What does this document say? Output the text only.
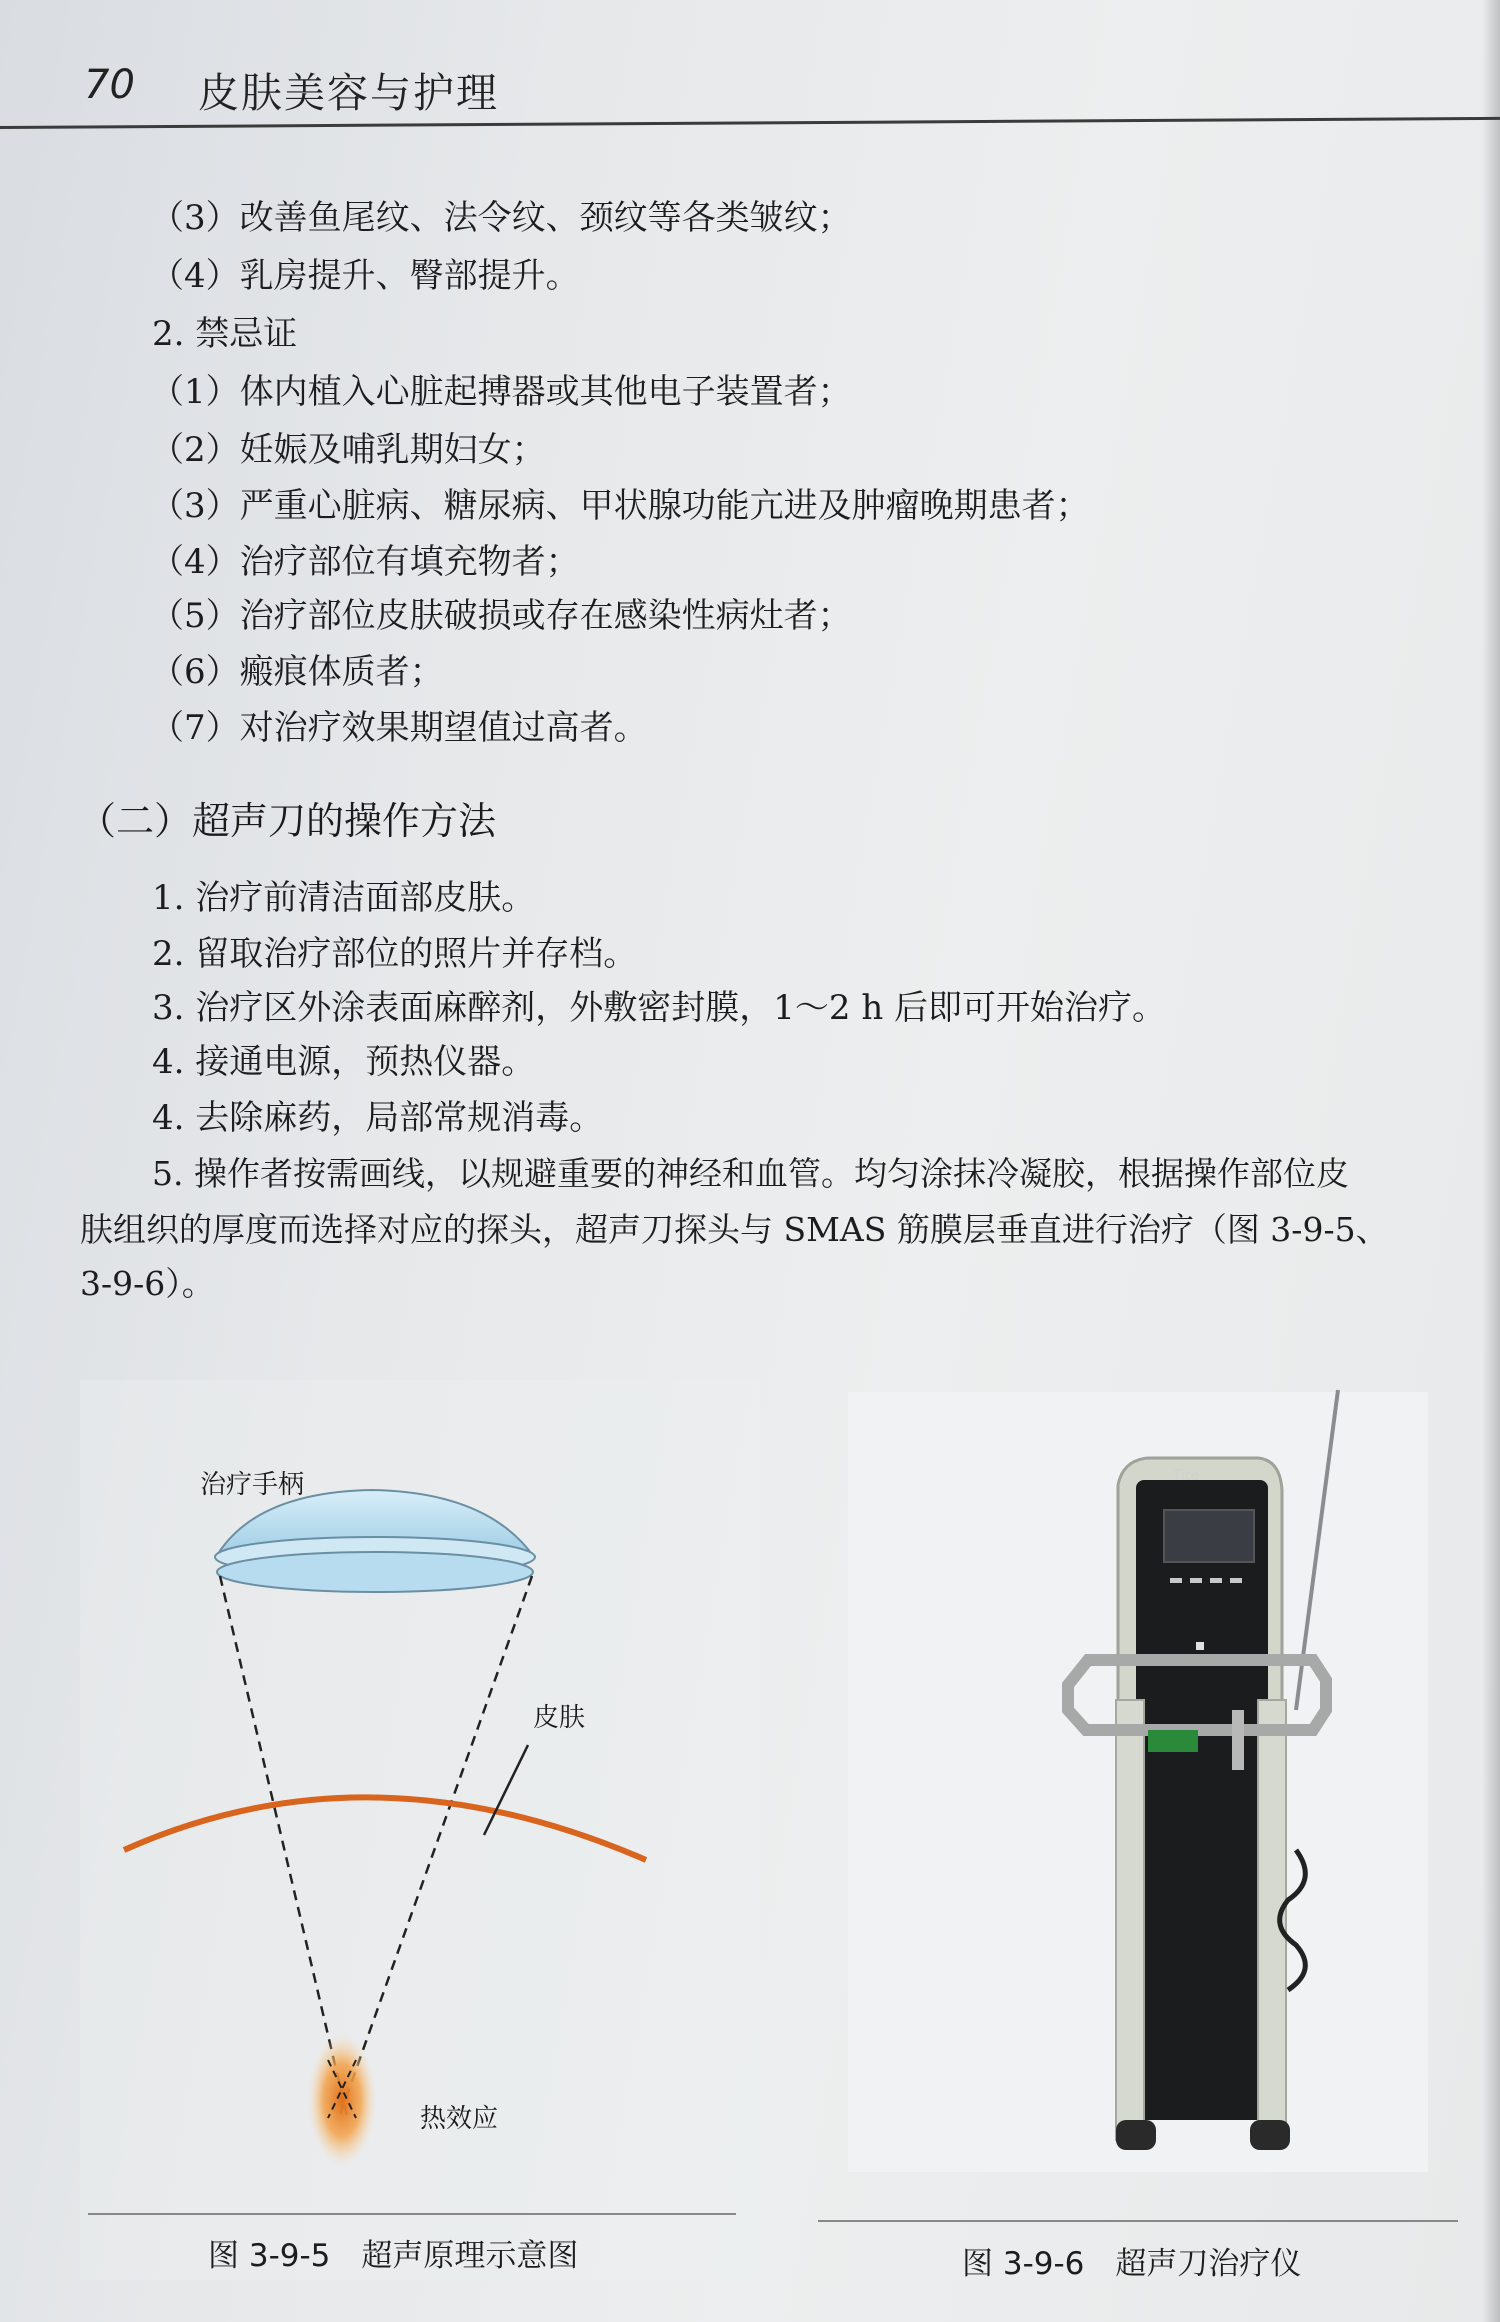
70 皮肤美容与护理
（3）改善鱼尾纹、法令纹、颈纹等各类皱纹；
（4）乳房提升、臀部提升。
2. 禁忌证
（1）体内植入心脏起搏器或其他电子装置者；
（2）妊娠及哺乳期妇女；
（3）严重心脏病、糖尿病、甲状腺功能亢进及肿瘤晚期患者；
（4）治疗部位有填充物者；
（5）治疗部位皮肤破损或存在感染性病灶者；
（6）瘢痕体质者；
（7）对治疗效果期望值过高者。
（二）超声刀的操作方法
1. 治疗前清洁面部皮肤。
2. 留取治疗部位的照片并存档。
3. 治疗区外涂表面麻醉剂，外敷密封膜，1～2 h 后即可开始治疗。
4. 接通电源，预热仪器。
4. 去除麻药，局部常规消毒。
5. 操作者按需画线，以规避重要的神经和血管。均匀涂抹冷凝胶，根据操作部位皮
肤组织的厚度而选择对应的探头，超声刀探头与 SMAS 筋膜层垂直进行治疗（图 3-9-5、
3-9-6）。
治疗手柄
皮肤
热效应
图 3-9-5　超声原理示意图
Tite
图 3-9-6　超声刀治疗仪
